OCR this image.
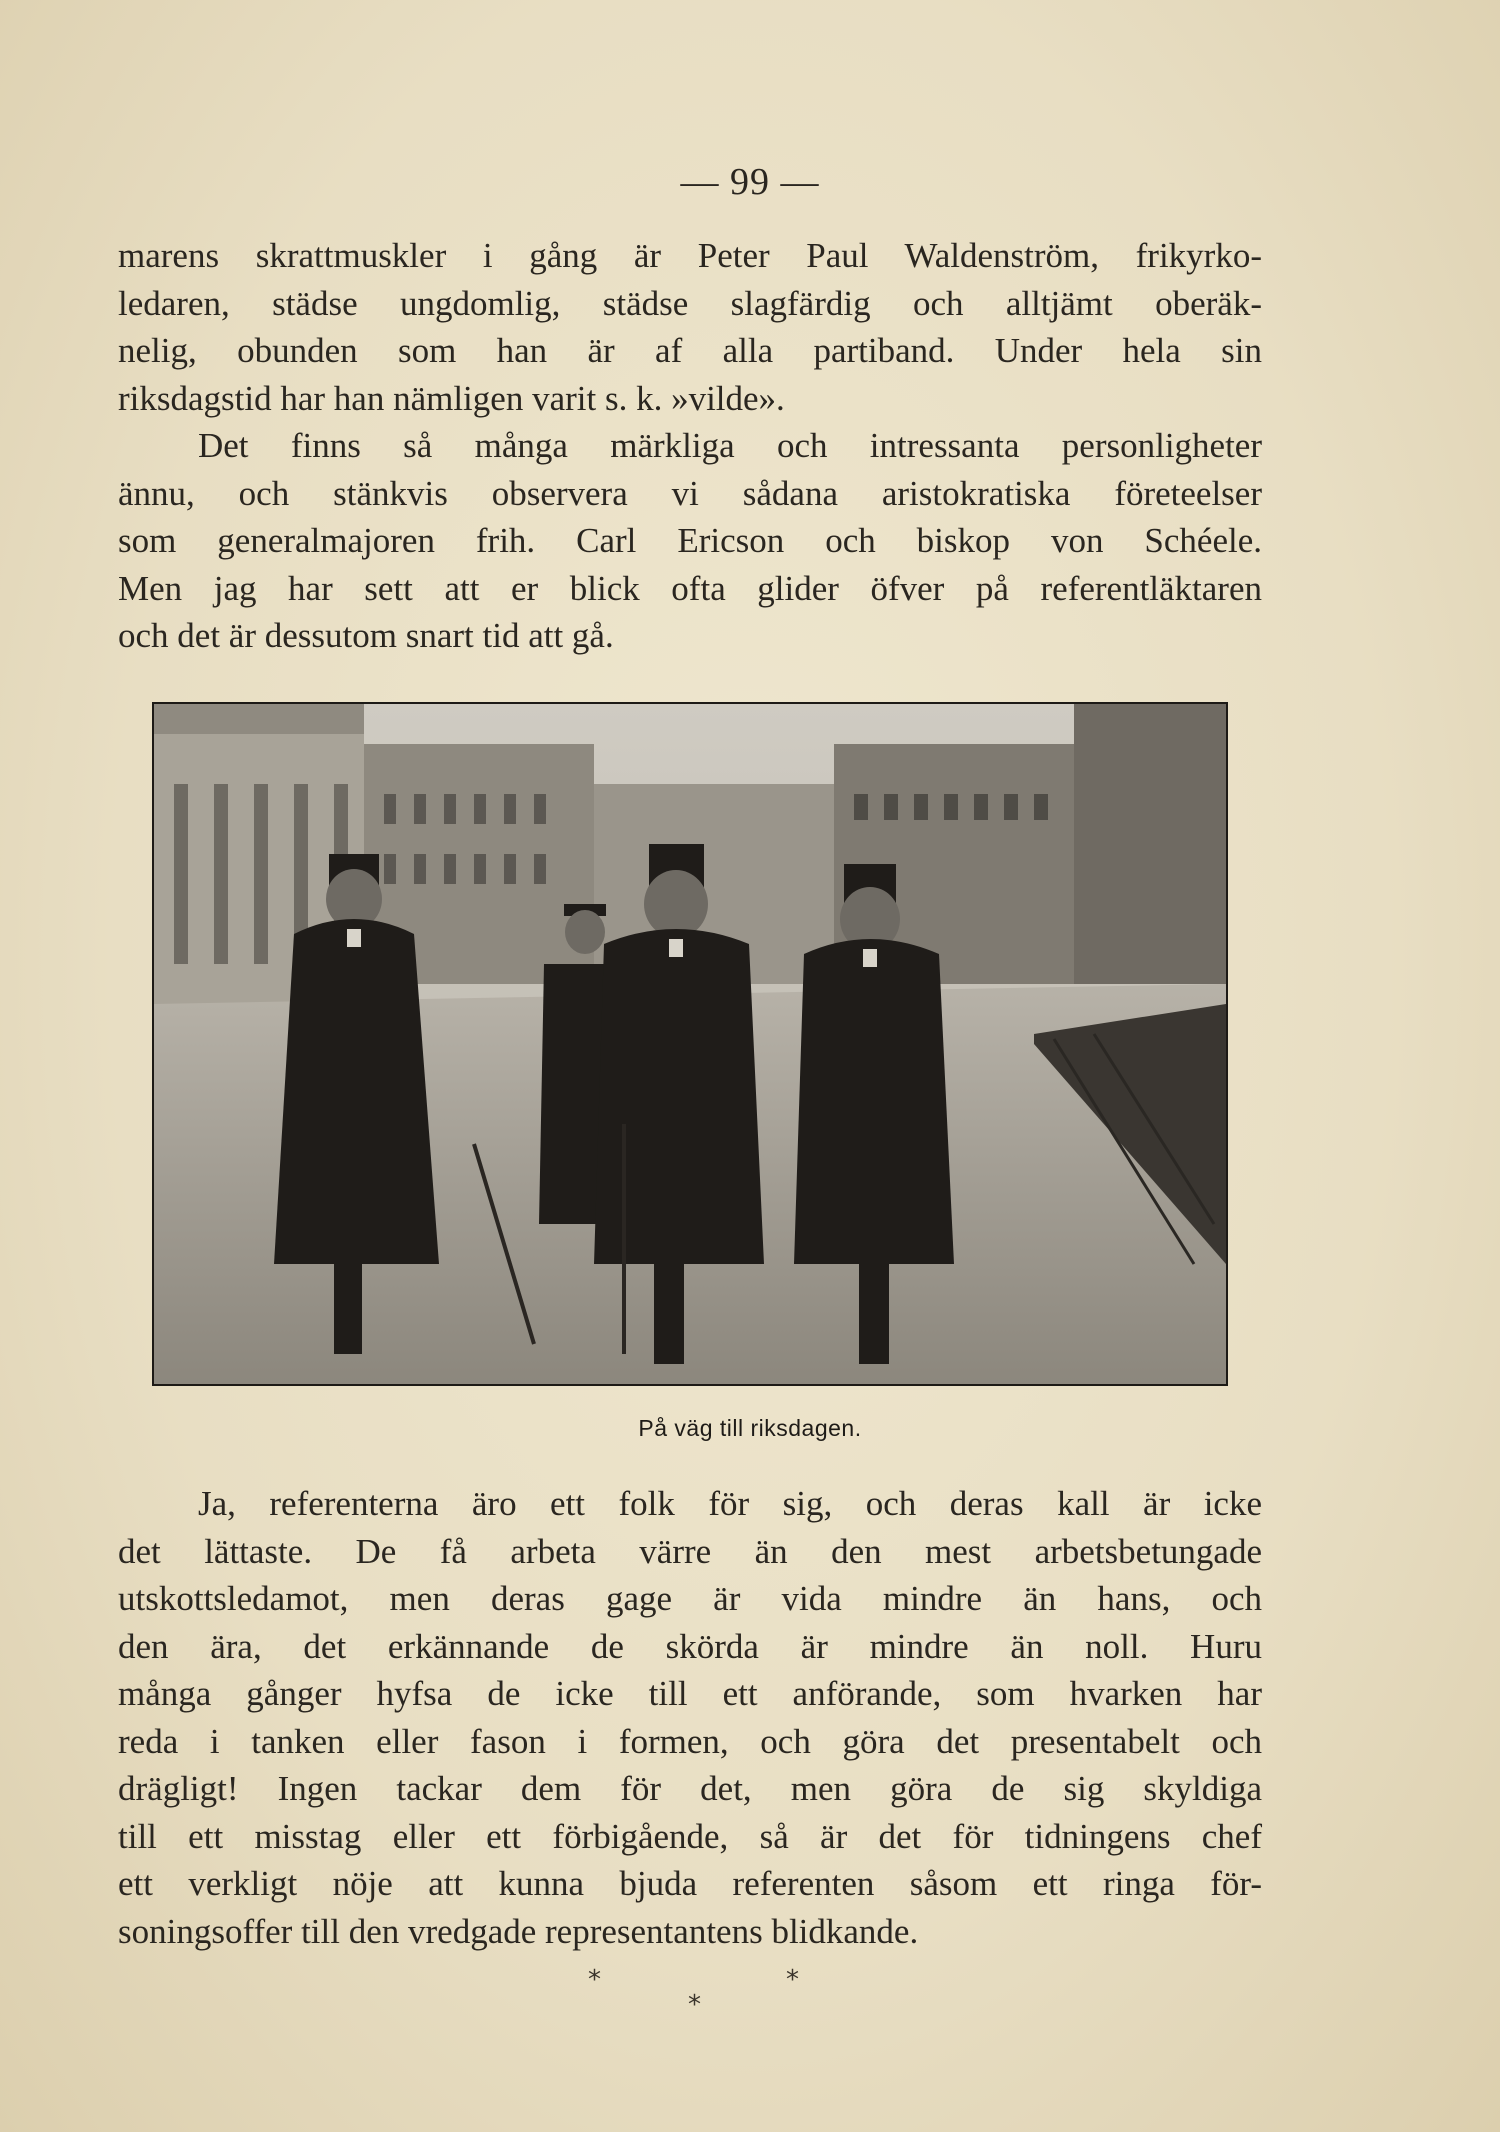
— 99 —

marens skrattmuskler i gång är Peter Paul Waldenström, frikyrko-

ledaren, städse ungdomlig, städse slagfärdig och alltjämt oberäk-

nelig, obunden som han är af alla partiband. Under hela sin

riksdagstid har han nämligen varit s. k. »vilde».

Det finns så många märkliga och intressanta personligheter

ännu, och stänkvis observera vi sådana aristokratiska företeelser

som generalmajoren frih. Carl Ericson och biskop von Schéele.

Men jag har sett att er blick ofta glider öfver på referentläktaren

och det är dessutom snart tid att gå.

På väg till riksdagen.

Ja, referenterna äro ett folk för sig, och deras kall är icke

det lättaste. De få arbeta värre än den mest arbetsbetungade

utskottsledamot, men deras gage är vida mindre än hans, och

den ära, det erkännande de skörda är mindre än noll. Huru

många gånger hyfsa de icke till ett anförande, som hvarken har

reda i tanken eller fason i formen, och göra det presentabelt och

drägligt! Ingen tackar dem för det, men göra de sig skyldiga

till ett misstag eller ett förbigående, så är det för tidningens chef

ett verkligt nöje att kunna bjuda referenten såsom ett ringa för-

soningsoffer till den vredgade representantens blidkande.

*
*
*
